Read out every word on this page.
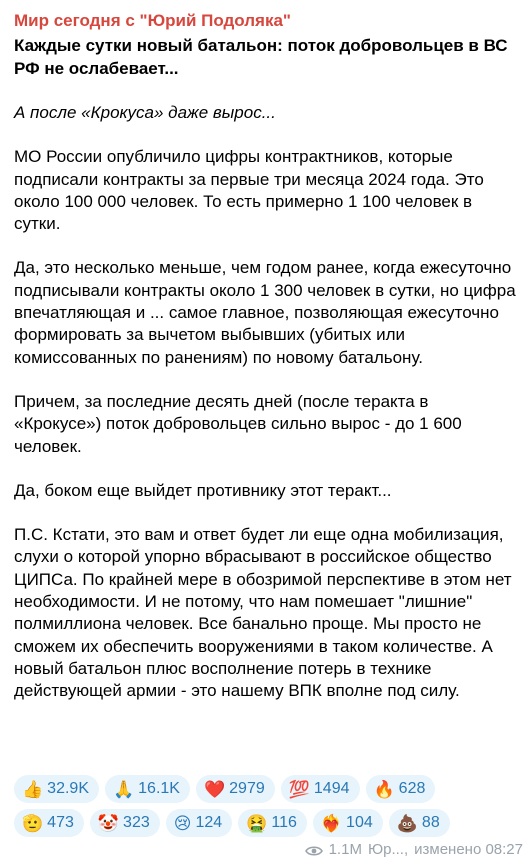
Мир сегодня с "Юрий Подоляка"
Каждые сутки новый батальон: поток добровольцев в ВС РФ не ослабевает...

А после «Крокуса» даже вырос...

МО России опубличило цифры контрактников, которые подписали контракты за первые три месяца 2024 года. Это около 100 000 человек. То есть примерно 1 100 человек в сутки.

Да, это несколько меньше, чем годом ранее, когда ежесуточно подписывали контракты около 1 300 человек в сутки, но цифра впечатляющая и ... самое главное, позволяющая ежесуточно формировать за вычетом выбывших (убитых или комиссованных по ранениям) по новому батальону.

Причем, за последние десять дней (после теракта в «Крокусе») поток добровольцев сильно вырос - до 1 600 человек.

Да, боком еще выйдет противнику этот теракт...

П.С. Кстати, это вам и ответ будет ли еще одна мобилизация, слухи о которой упорно вбрасывают в российское общество ЦИПСа. По крайней мере в обозримой перспективе в этом нет необходимости. И не потому, что нам помешает "лишние" полмиллиона человек. Все банально проще. Мы просто не сможем их обеспечить вооружениями в таком количестве. А новый батальон плюс восполнение потерь в технике действующей армии - это нашему ВПК вполне под силу.

👍 32.9K 🙏 16.1K ❤️ 2979 💯 1494 🔥 628
🫡 473 🤡 323 😢 124 🤮 116 ❤️‍🔥 104 💩 88
1.1M Юр..., изменено 08:27
